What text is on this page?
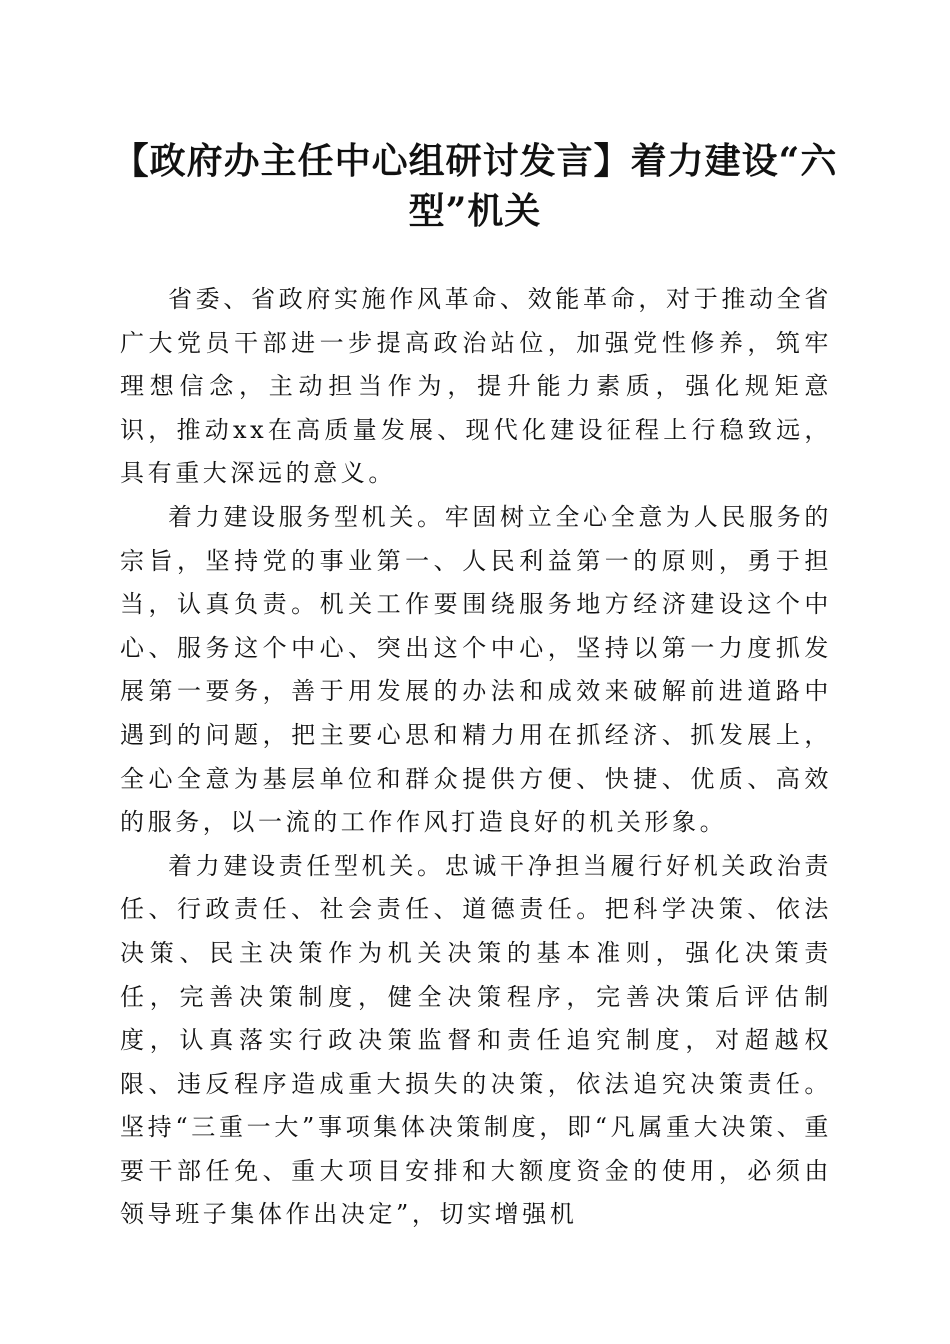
【政府办主任中心组研讨发言】着力建设“六型”机关

省委、省政府实施作风革命、效能革命，对于推动全省广大党员干部进一步提高政治站位，加强党性修养，筑牢理想信念，主动担当作为，提升能力素质，强化规矩意识，推动xx在高质量发展、现代化建设征程上行稳致远，具有重大深远的意义。

着力建设服务型机关。牢固树立全心全意为人民服务的宗旨，坚持党的事业第一、人民利益第一的原则，勇于担当，认真负责。机关工作要围绕服务地方经济建设这个中心、服务这个中心、突出这个中心，坚持以第一力度抓发展第一要务，善于用发展的办法和成效来破解前进道路中遇到的问题，把主要心思和精力用在抓经济、抓发展上，全心全意为基层单位和群众提供方便、快捷、优质、高效的服务，以一流的工作作风打造良好的机关形象。

着力建设责任型机关。忠诚干净担当履行好机关政治责任、行政责任、社会责任、道德责任。把科学决策、依法决策、民主决策作为机关决策的基本准则，强化决策责任，完善决策制度，健全决策程序，完善决策后评估制度，认真落实行政决策监督和责任追究制度，对超越权限、违反程序造成重大损失的决策，依法追究决策责任。坚持“三重一大”事项集体决策制度，即“凡属重大决策、重要干部任免、重大项目安排和大额度资金的使用，必须由领导班子集体作出决定”，切实增强机
